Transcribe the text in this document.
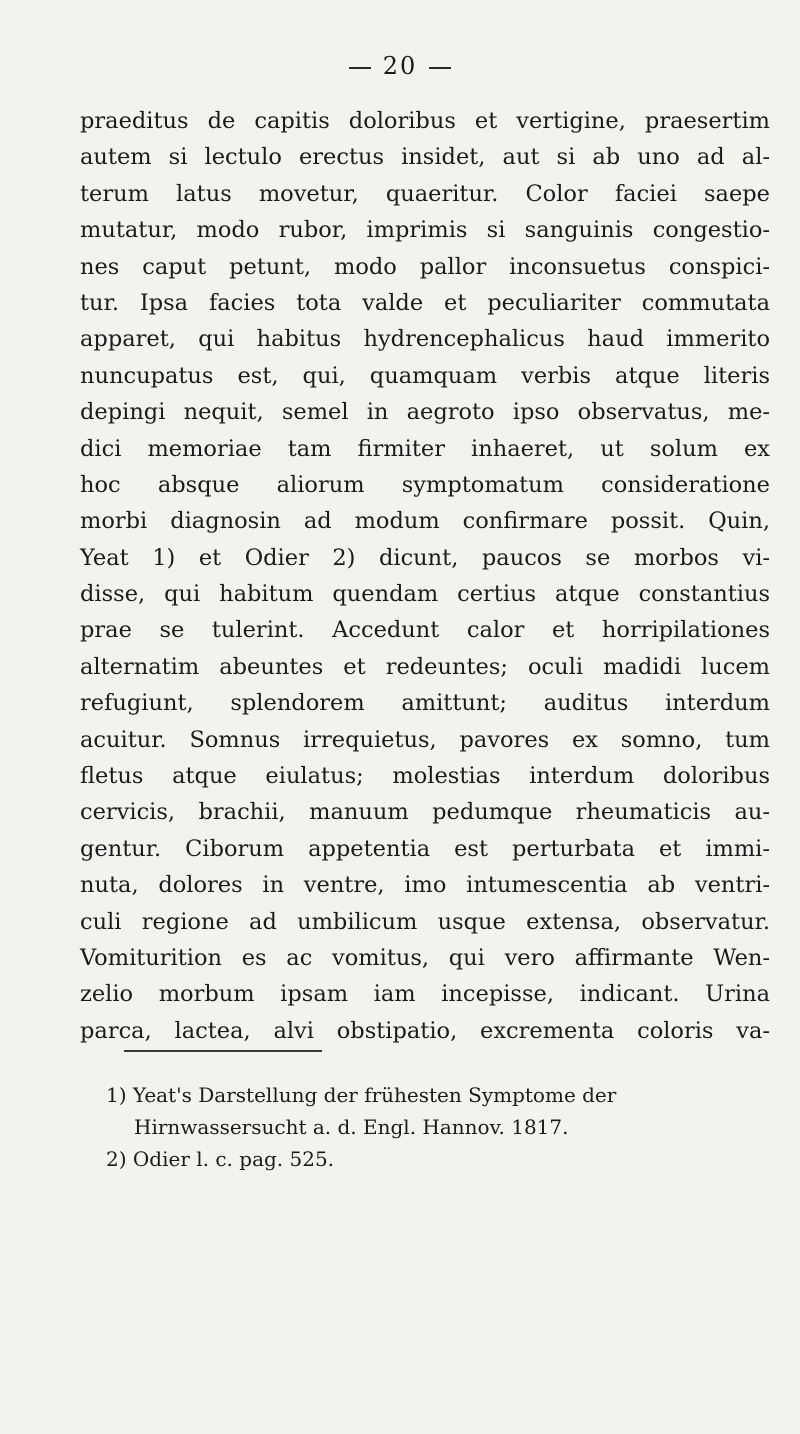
20
praeditus de capitis doloribus et vertigine, praesertim
autem si lectulo erectus insidet, aut si ab uno ad al-
terum latus movetur, quaeritur. Color faciei saepe
mutatur, modo rubor, imprimis si sanguinis congestio-
nes caput petunt, modo pallor inconsuetus conspici-
tur. Ipsa facies tota valde et peculiariter commutata
apparet, qui habitus hydrencephalicus haud immerito
nuncupatus est, qui, quamquam verbis atque literis
depingi nequit, semel in aegroto ipso observatus, me-
dici memoriae tam firmiter inhaeret, ut solum ex
hoc absque aliorum symptomatum consideratione
morbi diagnosin ad modum confirmare possit. Quin,
Yeat 1) et Odier 2) dicunt, paucos se morbos vi-
disse, qui habitum quendam certius atque constantius
prae se tulerint. Accedunt calor et horripilationes
alternatim abeuntes et redeuntes; oculi madidi lucem
refugiunt, splendorem amittunt; auditus interdum
acuitur. Somnus irrequietus, pavores ex somno, tum
fletus atque eiulatus; molestias interdum doloribus
cervicis, brachii, manuum pedumque rheumaticis au-
gentur. Ciborum appetentia est perturbata et immi-
nuta, dolores in ventre, imo intumescentia ab ventri-
culi regione ad umbilicum usque extensa, observatur.
Vomiturition es ac vomitus, qui vero affirmante Wen-
zelio morbum ipsam iam incepisse, indicant. Urina
parca, lactea, alvi obstipatio, excrementa coloris va-
1) Yeat's Darstellung der frühesten Symptome der
Hirnwassersucht a. d. Engl. Hannov. 1817.
2) Odier l. c. pag. 525.
